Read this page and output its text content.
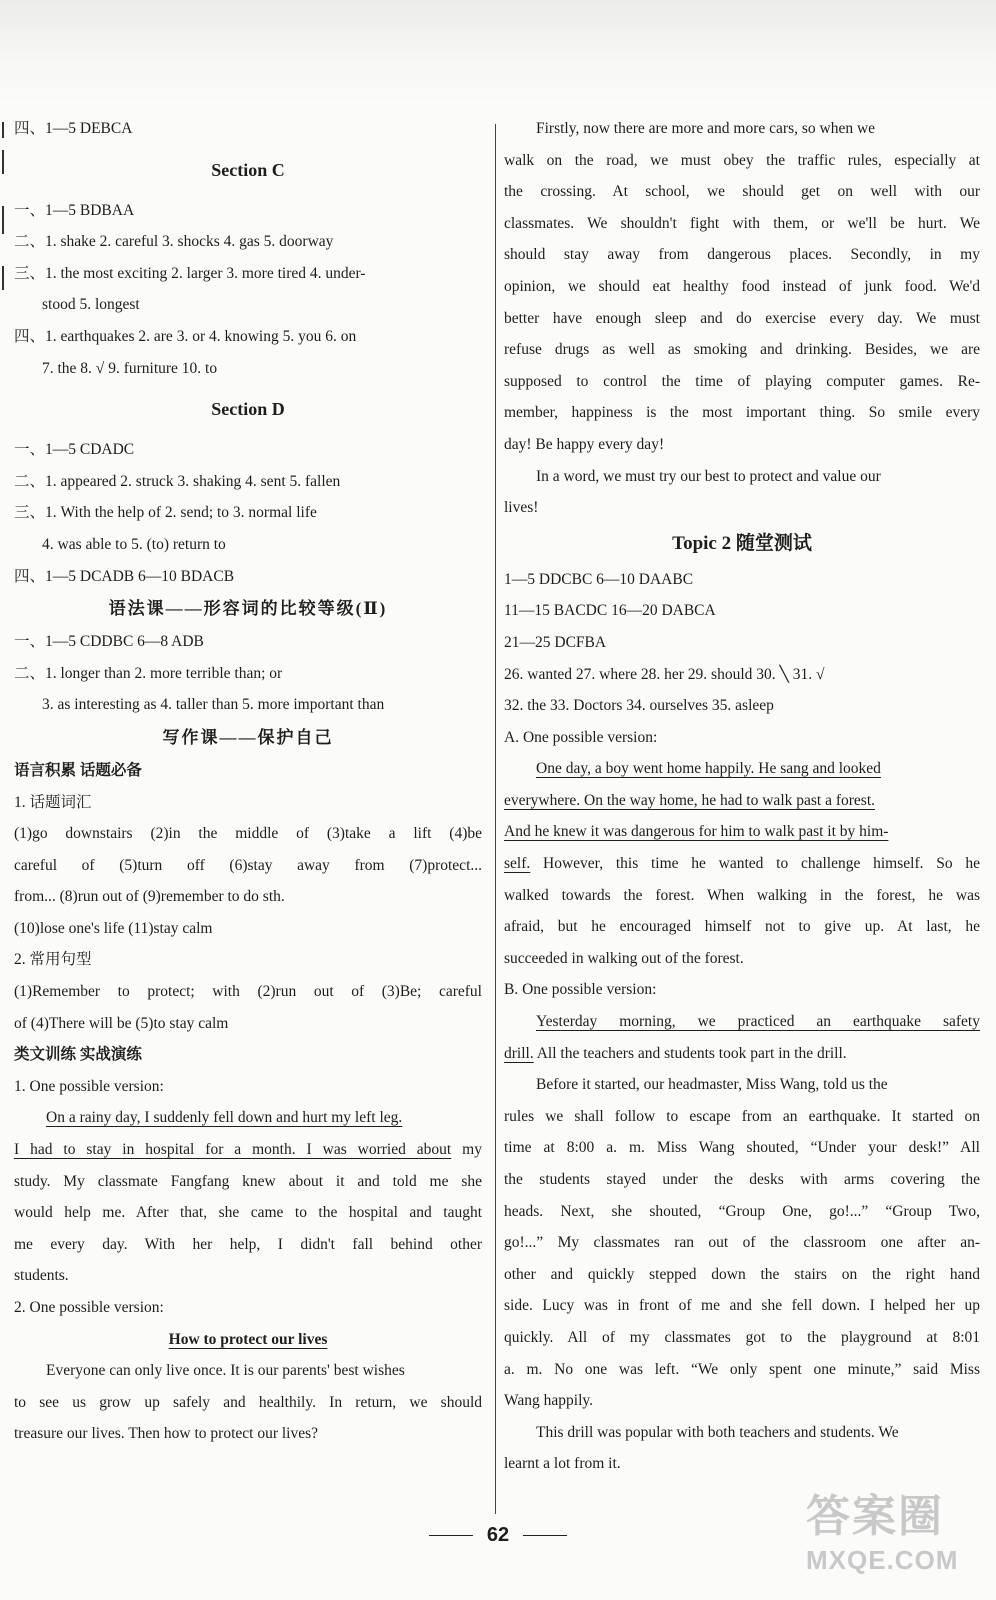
四、1—5 DEBCA

Section C

一、1—5 BDBAA

二、1. shake 2. careful 3. shocks 4. gas 5. doorway

三、1. the most exciting 2. larger 3. more tired 4. under-

stood 5. longest

四、1. earthquakes 2. are 3. or 4. knowing 5. you 6. on

7. the 8. √ 9. furniture 10. to

Section D

一、1—5 CDADC

二、1. appeared 2. struck 3. shaking 4. sent 5. fallen

三、1. With the help of 2. send; to 3. normal life

4. was able to 5. (to) return to

四、1—5 DCADB 6—10 BDACB

语法课——形容词的比较等级(Ⅱ)

一、1—5 CDDBC 6—8 ADB

二、1. longer than 2. more terrible than; or

3. as interesting as 4. taller than 5. more important than

写作课——保护自己

语言积累 话题必备

1. 话题词汇

(1)go downstairs (2)in the middle of (3)take a lift (4)be

careful of (5)turn off (6)stay away from (7)protect...

from... (8)run out of (9)remember to do sth.

(10)lose one's life (11)stay calm

2. 常用句型

(1)Remember to protect; with (2)run out of (3)Be; careful

of (4)There will be (5)to stay calm

类文训练 实战演练

1. One possible version:

On a rainy day, I suddenly fell down and hurt my left leg.

I had to stay in hospital for a month. I was worried about my

study. My classmate Fangfang knew about it and told me she

would help me. After that, she came to the hospital and taught

me every day. With her help, I didn't fall behind other

students.

2. One possible version:

How to protect our lives

Everyone can only live once. It is our parents' best wishes

to see us grow up safely and healthily. In return, we should

treasure our lives. Then how to protect our lives?

Firstly, now there are more and more cars, so when we

walk on the road, we must obey the traffic rules, especially at

the crossing. At school, we should get on well with our

classmates. We shouldn't fight with them, or we'll be hurt. We

should stay away from dangerous places. Secondly, in my

opinion, we should eat healthy food instead of junk food. We'd

better have enough sleep and do exercise every day. We must

refuse drugs as well as smoking and drinking. Besides, we are

supposed to control the time of playing computer games. Re-

member, happiness is the most important thing. So smile every

day! Be happy every day!

In a word, we must try our best to protect and value our

lives!

Topic 2 随堂测试

1—5 DDCBC 6—10 DAABC

11—15 BACDC 16—20 DABCA

21—25 DCFBA

26. wanted 27. where 28. her 29. should 30. ╲ 31. √

32. the 33. Doctors 34. ourselves 35. asleep

A. One possible version:

One day, a boy went home happily. He sang and looked

everywhere. On the way home, he had to walk past a forest.

And he knew it was dangerous for him to walk past it by him-

self. However, this time he wanted to challenge himself. So he

walked towards the forest. When walking in the forest, he was

afraid, but he encouraged himself not to give up. At last, he

succeeded in walking out of the forest.

B. One possible version:

Yesterday morning, we practiced an earthquake safety

drill. All the teachers and students took part in the drill.

Before it started, our headmaster, Miss Wang, told us the

rules we shall follow to escape from an earthquake. It started on

time at 8:00 a. m. Miss Wang shouted, “Under your desk!” All

the students stayed under the desks with arms covering the

heads. Next, she shouted, “Group One, go!...” “Group Two,

go!...” My classmates ran out of the classroom one after an-

other and quickly stepped down the stairs on the right hand

side. Lucy was in front of me and she fell down. I helped her up

quickly. All of my classmates got to the playground at 8:01

a. m. No one was left. “We only spent one minute,” said Miss

Wang happily.

This drill was popular with both teachers and students. We

learnt a lot from it.

62	答案圈
MXQE.COM
